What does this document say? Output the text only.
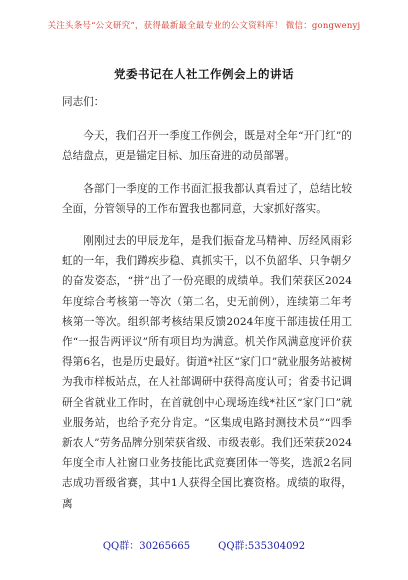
关注头条号“公文研究”，获得最新最全最专业的公文资料库！ 微信：gongwenyj
党委书记在人社工作例会上的讲话

同志们：

今天，我们召开一季度工作例会，既是对全年“开门红”的总结盘点，更是锚定目标、加压奋进的动员部署。

各部门一季度的工作书面汇报我都认真看过了，总结比较全面，分管领导的工作布置我也都同意，大家抓好落实。

刚刚过去的甲辰龙年，是我们振奋龙马精神、厉经风雨彩虹的一年，我们蹲疾步稳、真抓实干，以不负韶华、只争朝夕的奋发姿态，“拼”出了一份亮眼的成绩单。我们荣获区2024年度综合考核第一等次（第二名，史无前例），连续第二年考核第一等次。组织部考核结果反馈2024年度干部违拔任用工作“一报告两评议”所有项目均为满意。机关作风满意度评价获得第6名，也是历史最好。街道*社区“家门口”就业服务站被树为我市样板站点，在人社部调研中获得高度认可；省委书记调研全省就业工作时，在首就创中心现场连线*社区“家门口”就业服务站，也给予充分肯定。“区集成电路封测技术员”“四季新农人”劳务品牌分别荣获省级、市级表彰。我们还荣获2024年度全市人社窗口业务技能比武竞赛团体一等奖，选派2名同志成功晋级省赛，其中1人获得全国比赛资格。成绩的取得，离

QQ群：30265665	QQ群:535304092
